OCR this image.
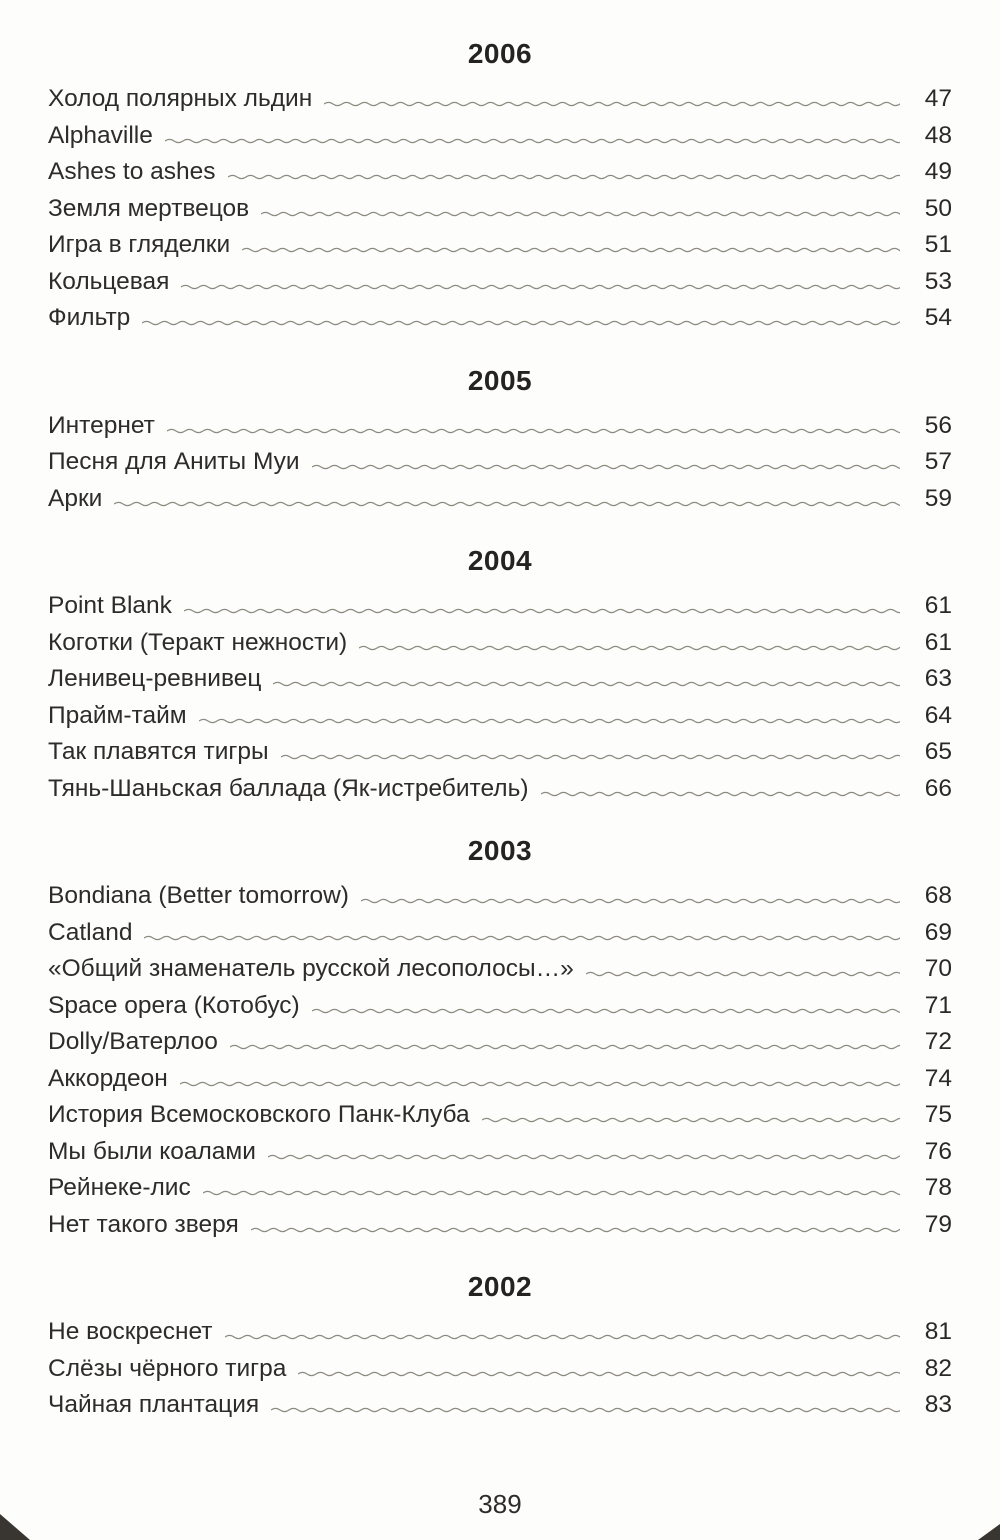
2006
Холод полярных льдин	47
Alphaville	48
Ashes to ashes	49
Земля мертвецов	50
Игра в гляделки	51
Кольцевая	53
Фильтр	54
2005
Интернет	56
Песня для Аниты Муи	57
Арки	59
2004
Point Blank	61
Коготки (Теракт нежности)	61
Ленивец-ревнивец	63
Прайм-тайм	64
Так плавятся тигры	65
Тянь-Шаньская баллада (Як-истребитель)	66
2003
Bondiana (Better tomorrow)	68
Catland	69
«Общий знаменатель русской лесополосы…»	70
Space opera (Котобус)	71
Dolly/Ватерлоо	72
Аккордеон	74
История Всемосковского Панк-Клуба	75
Мы были коалами	76
Рейнеке-лис	78
Нет такого зверя	79
2002
Не воскреснет	81
Слёзы чёрного тигра	82
Чайная плантация	83
389
